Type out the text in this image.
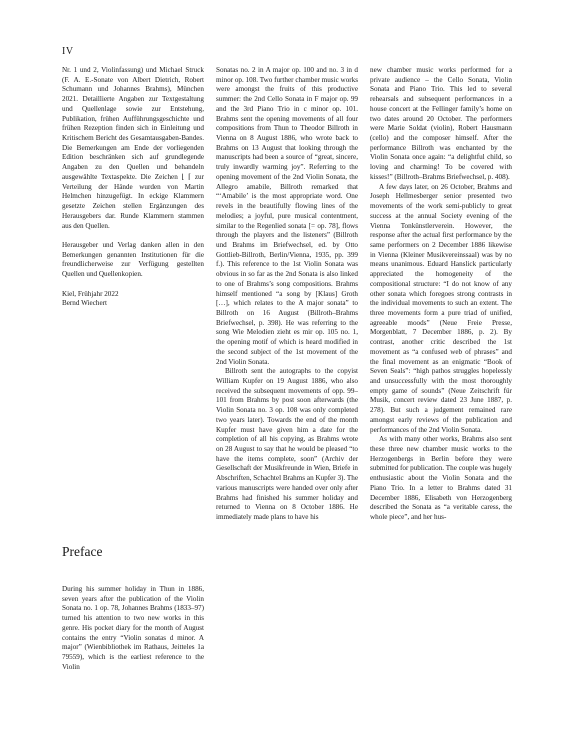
IV

Nr. 1 und 2, Violinfassung) und Michael Struck (F. A. E.-Sonate von Albert Dietrich, Robert Schumann und Johannes Brahms), München 2021. Detaillierte Angaben zur Textgestaltung und Quellenlage sowie zur Entstehung, Publikation, frühen Aufführungsgeschichte und frühen Rezeption finden sich in Einleitung und Kritischem Bericht des Gesamtausgaben-Bandes. Die Bemerkungen am Ende der vorliegenden Edition beschränken sich auf grundlegende Angaben zu den Quellen und behandeln ausgewählte Textaspekte. Die Zeichen ⌊ ⌈ zur Verteilung der Hände wurden von Martin Helmchen hinzugefügt. In eckige Klammern gesetzte Zeichen stellen Ergänzungen des Herausgebers dar. Runde Klammern stammen aus den Quellen.

Herausgeber und Verlag danken allen in den Bemerkungen genannten Institutionen für die freundlicherweise zur Verfügung gestellten Quellen und Quellenkopien.

Kiel, Frühjahr 2022

Bernd Wiechert

Preface

During his summer holiday in Thun in 1886, seven years after the publication of the Violin Sonata no. 1 op. 78, Johannes Brahms (1833–97) turned his attention to two new works in this genre. His pocket diary for the month of August contains the entry “Violin sonatas d minor. A major” (Wienbibliothek im Rathaus, Jeitteles 1a 79559), which is the earliest reference to the Violin

Sonatas no. 2 in A major op. 100 and no. 3 in d minor op. 108. Two further chamber music works were amongst the fruits of this productive summer: the 2nd Cello Sonata in F major op. 99 and the 3rd Piano Trio in c minor op. 101. Brahms sent the opening movements of all four compositions from Thun to Theodor Billroth in Vienna on 8 August 1886, who wrote back to Brahms on 13 August that looking through the manuscripts had been a source of “great, sincere, truly inwardly warming joy”. Referring to the opening movement of the 2nd Violin Sonata, the Allegro amabile, Billroth remarked that “‘Amabile’ is the most appropriate word. One revels in the beautifully flowing lines of the melodies; a joyful, pure musical contentment, similar to the Regenlied sonata [= op. 78], flows through the players and the listeners” (Billroth und Brahms im Briefwechsel, ed. by Otto Gottlieb-Billroth, Berlin/Vienna, 1935, pp. 399 f.). This reference to the 1st Violin Sonata was obvious in so far as the 2nd Sonata is also linked to one of Brahms’s song compositions. Brahms himself mentioned “a song by [Klaus] Groth […], which relates to the A major sonata” to Billroth on 16 August (Billroth–Brahms Briefwechsel, p. 398). He was referring to the song Wie Melodien zieht es mir op. 105 no. 1, the opening motif of which is heard modified in the second subject of the 1st movement of the 2nd Violin Sonata.

Billroth sent the autographs to the copyist William Kupfer on 19 August 1886, who also received the subsequent movements of opp. 99–101 from Brahms by post soon afterwards (the Violin Sonata no. 3 op. 108 was only completed two years later). Towards the end of the month Kupfer must have given him a date for the completion of all his copying, as Brahms wrote on 28 August to say that he would be pleased “to have the items complete, soon” (Archiv der Gesellschaft der Musikfreunde in Wien, Briefe in Abschriften, Schachtel Brahms an Kupfer 3). The various manuscripts were handed over only after Brahms had finished his summer holiday and returned to Vienna on 8 October 1886. He immediately made plans to have his

new chamber music works performed for a private audience – the Cello Sonata, Violin Sonata and Piano Trio. This led to several rehearsals and subsequent performances in a house concert at the Fellinger family’s home on two dates around 20 October. The performers were Marie Soldat (violin), Robert Hausmann (cello) and the composer himself. After the performance Billroth was enchanted by the Violin Sonata once again: “a delightful child, so loving and charming! To be covered with kisses!” (Billroth–Brahms Briefwechsel, p. 408).

A few days later, on 26 October, Brahms and Joseph Hellmesberger senior presented two movements of the work semi-publicly to great success at the annual Society evening of the Vienna Tonkünstlerverein. However, the response after the actual first performance by the same performers on 2 December 1886 likewise in Vienna (Kleiner Musikvereinssaal) was by no means unanimous. Eduard Hanslick particularly appreciated the homogeneity of the compositional structure: “I do not know of any other sonata which foregoes strong contrasts in the individual movements to such an extent. The three movements form a pure triad of unified, agreeable moods” (Neue Freie Presse, Morgenblatt, 7 December 1886, p. 2). By contrast, another critic described the 1st movement as “a confused web of phrases” and the final movement as an enigmatic “Book of Seven Seals”: “high pathos struggles hopelessly and unsuccessfully with the most thoroughly empty game of sounds” (Neue Zeitschrift für Musik, concert review dated 23 June 1887, p. 278). But such a judgement remained rare amongst early reviews of the publication and performances of the 2nd Violin Sonata.

As with many other works, Brahms also sent these three new chamber music works to the Herzogenbergs in Berlin before they were submitted for publication. The couple was hugely enthusiastic about the Violin Sonata and the Piano Trio. In a letter to Brahms dated 31 December 1886, Elisabeth von Herzogenberg described the Sonata as “a veritable caress, the whole piece”, and her hus-
